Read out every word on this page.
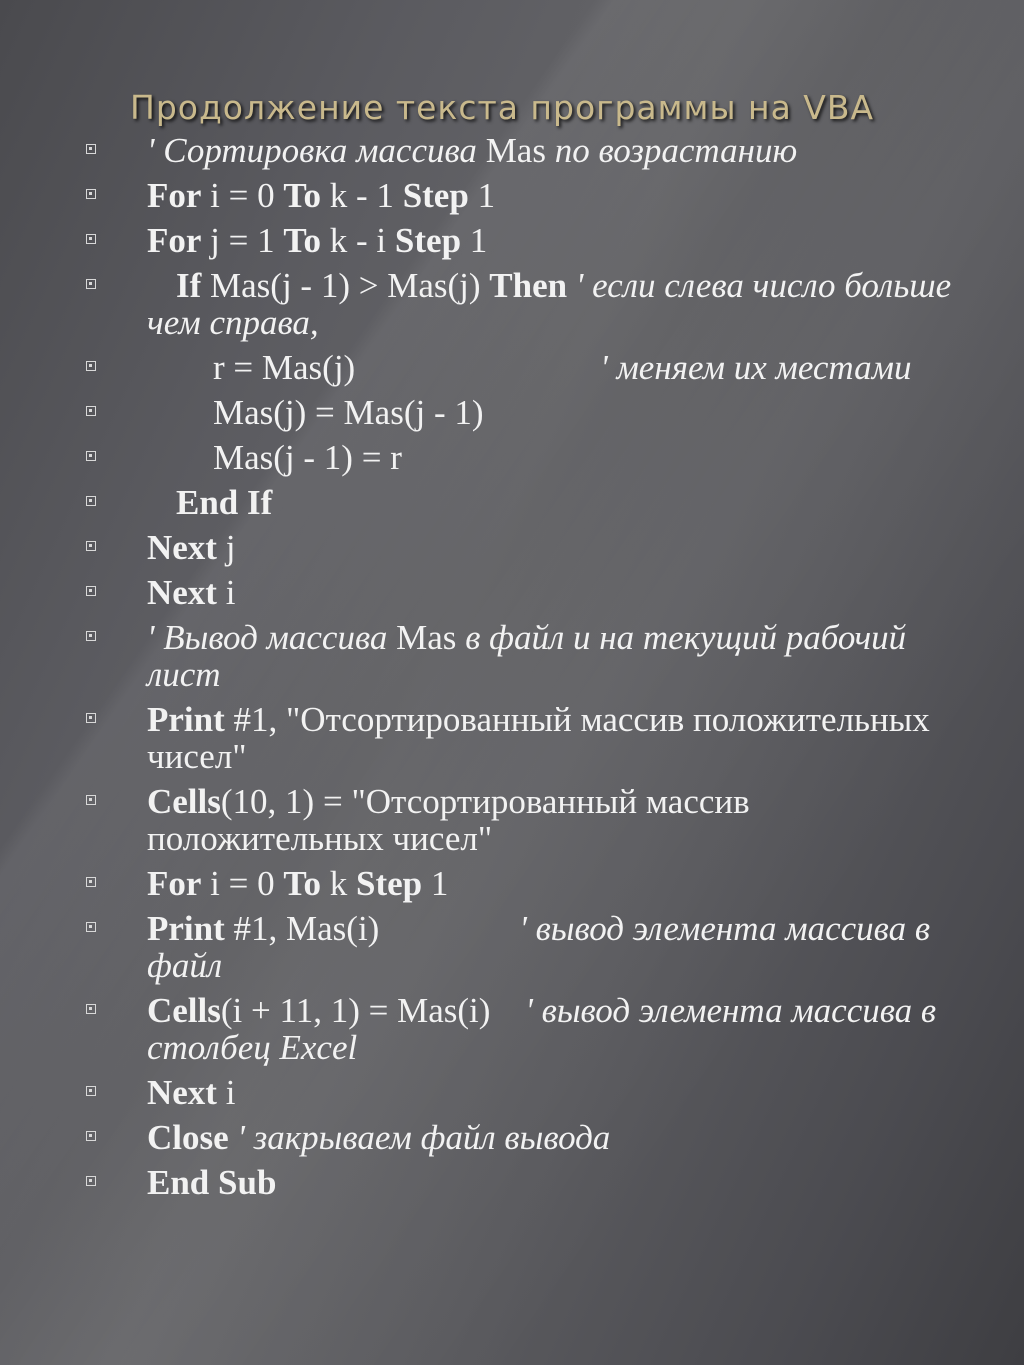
Продолжение текста программы на VBA
' Сортировка массива Mas по возрастанию
For i = 0 To k - 1 Step 1
For j = 1 To k - i Step 1
If Mas(j - 1) > Mas(j) Then ' если слева число больше чем справа,
r = Mas(j)	' меняем их местами
Mas(j) = Mas(j - 1)
Mas(j - 1) = r
End If
Next j
Next i
' Вывод массива Mas в файл и на текущий рабочий лист
Print #1, "Отсортированный массив положительных чисел"
Cells(10, 1) = "Отсортированный массив положительных чисел"
For i = 0 To k Step 1
Print #1, Mas(i)                ' вывод элемента массива в файл
Cells(i + 11, 1) = Mas(i)    ' вывод элемента массива в столбец Excel
Next i
Close ' закрываем файл вывода
End Sub
